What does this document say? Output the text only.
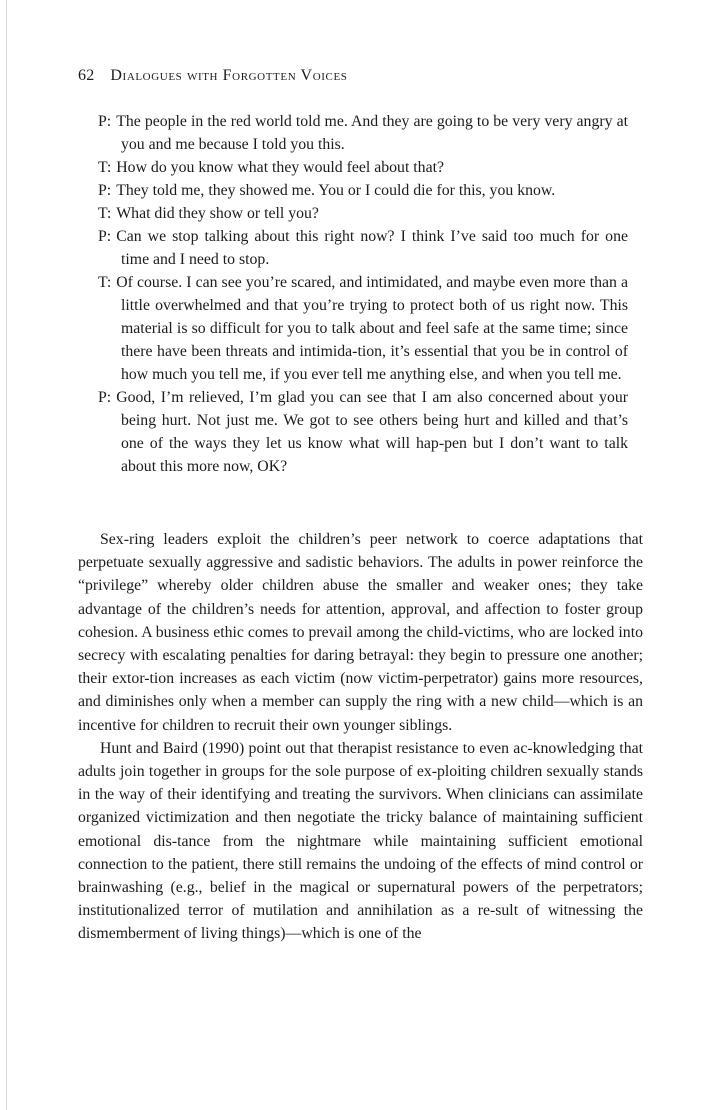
62 Dialogues with Forgotten Voices

P: The people in the red world told me. And they are going to be very very angry at you and me because I told you this.

T: How do you know what they would feel about that?

P: They told me, they showed me. You or I could die for this, you know.

T: What did they show or tell you?

P: Can we stop talking about this right now? I think I’ve said too much for one time and I need to stop.

T: Of course. I can see you’re scared, and intimidated, and maybe even more than a little overwhelmed and that you’re trying to protect both of us right now. This material is so difficult for you to talk about and feel safe at the same time; since there have been threats and intimida-tion, it’s essential that you be in control of how much you tell me, if you ever tell me anything else, and when you tell me.

P: Good, I’m relieved, I’m glad you can see that I am also concerned about your being hurt. Not just me. We got to see others being hurt and killed and that’s one of the ways they let us know what will hap-pen but I don’t want to talk about this more now, OK?

Sex-ring leaders exploit the children’s peer network to coerce adaptations that perpetuate sexually aggressive and sadistic behaviors. The adults in power reinforce the “privilege” whereby older children abuse the smaller and weaker ones; they take advantage of the children’s needs for attention, approval, and affection to foster group cohesion. A business ethic comes to prevail among the child-victims, who are locked into secrecy with escalating penalties for daring betrayal: they begin to pressure one another; their extor-tion increases as each victim (now victim-perpetrator) gains more resources, and diminishes only when a member can supply the ring with a new child—which is an incentive for children to recruit their own younger siblings.

Hunt and Baird (1990) point out that therapist resistance to even ac-knowledging that adults join together in groups for the sole purpose of ex-ploiting children sexually stands in the way of their identifying and treating the survivors. When clinicians can assimilate organized victimization and then negotiate the tricky balance of maintaining sufficient emotional dis-tance from the nightmare while maintaining sufficient emotional connection to the patient, there still remains the undoing of the effects of mind control or brainwashing (e.g., belief in the magical or supernatural powers of the perpetrators; institutionalized terror of mutilation and annihilation as a re-sult of witnessing the dismemberment of living things)—which is one of the
